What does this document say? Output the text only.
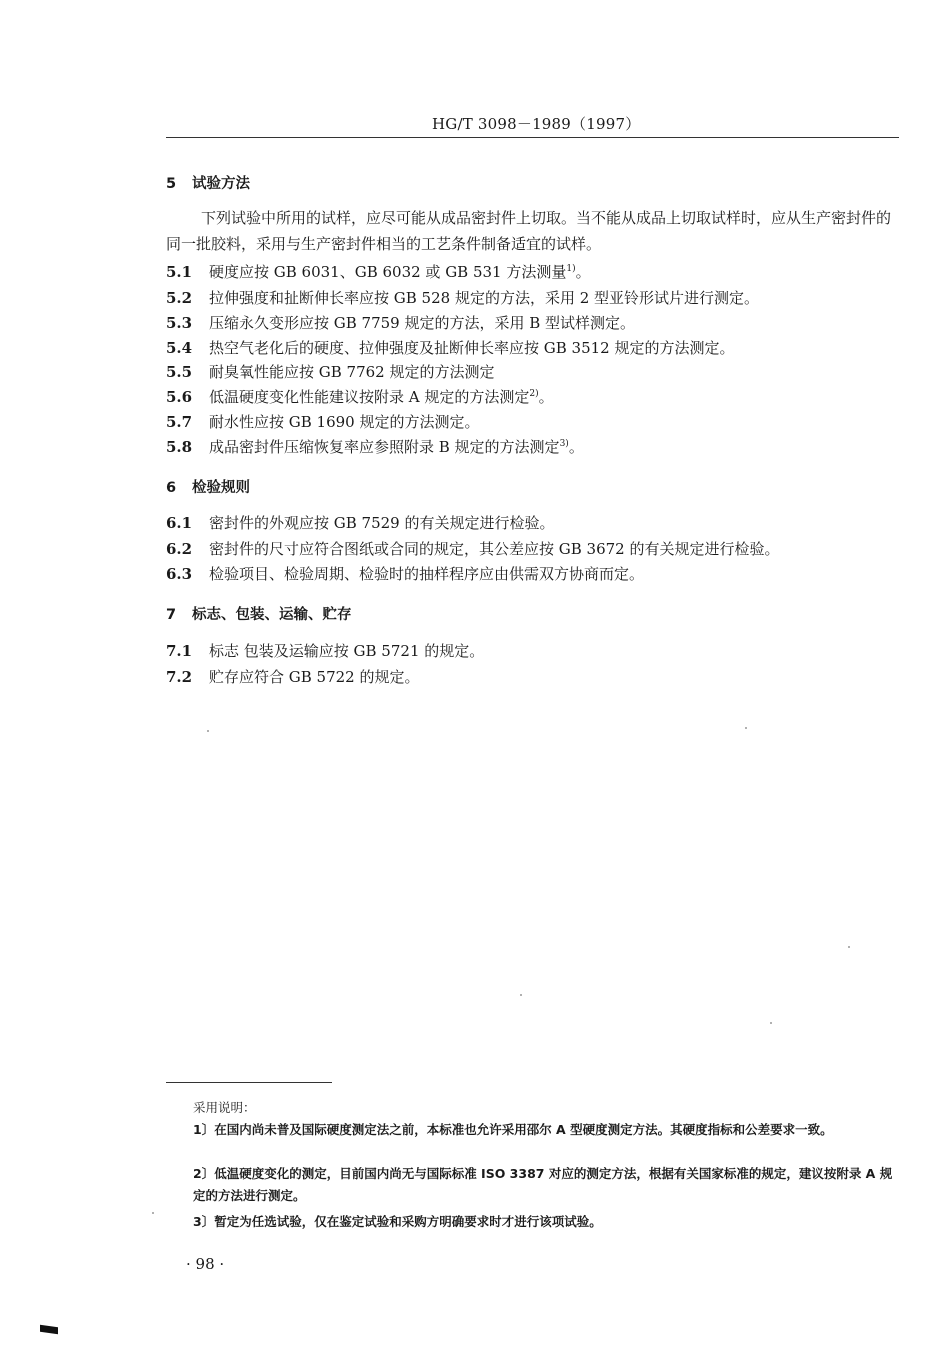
HG/T 3098－1989（1997）
5 试验方法
下列试验中所用的试样，应尽可能从成品密封件上切取。当不能从成品上切取试样时，应从生产密封件的同一批胶料，采用与生产密封件相当的工艺条件制备适宜的试样。
5.1 硬度应按 GB 6031、GB 6032 或 GB 531 方法测量$^{1)}$。
5.2 拉伸强度和扯断伸长率应按 GB 528 规定的方法，采用 2 型亚铃形试片进行测定。
5.3 压缩永久变形应按 GB 7759 规定的方法，采用 B 型试样测定。
5.4 热空气老化后的硬度、拉伸强度及扯断伸长率应按 GB 3512 规定的方法测定。
5.5 耐臭氧性能应按 GB 7762 规定的方法测定
5.6 低温硬度变化性能建议按附录 A 规定的方法测定$^{2)}$。
5.7 耐水性应按 GB 1690 规定的方法测定。
5.8 成品密封件压缩恢复率应参照附录 B 规定的方法测定$^{3)}$。
6 检验规则
6.1 密封件的外观应按 GB 7529 的有关规定进行检验。
6.2 密封件的尺寸应符合图纸或合同的规定，其公差应按 GB 3672 的有关规定进行检验。
6.3 检验项目、检验周期、检验时的抽样程序应由供需双方协商而定。
7 标志、包装、运输、贮存
7.1 标志 包装及运输应按 GB 5721 的规定。
7.2 贮存应符合 GB 5722 的规定。
采用说明：
1〕在国内尚未普及国际硬度测定法之前，本标准也允许采用邵尔 A 型硬度测定方法。其硬度指标和公差要求一致。
2〕低温硬度变化的测定，目前国内尚无与国际标准 ISO 3387 对应的测定方法，根据有关国家标准的规定，建议按附录 A 规定的方法进行测定。
3〕暂定为任选试验，仅在鉴定试验和采购方明确要求时才进行该项试验。
· 98 ·
